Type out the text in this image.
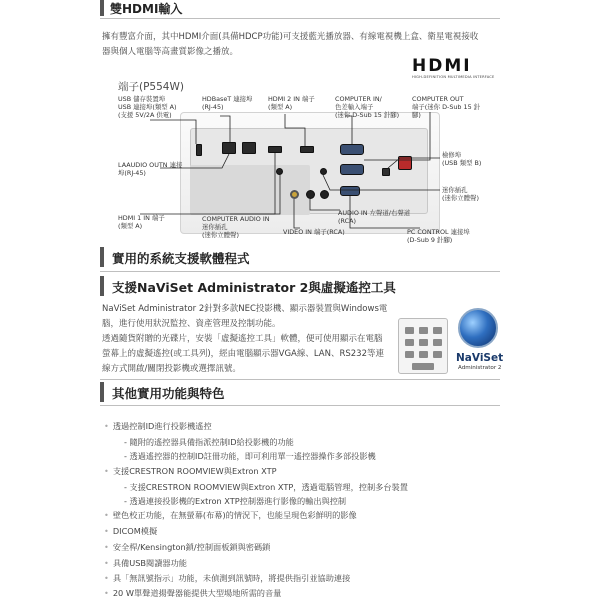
雙HDMI輸入
擁有豐富介面，其中HDMI介面(具備HDCP功能)可支援藍光播放器、有線電視機上盒、衛星電視接收
器與個人電腦等高畫質影像之播放。
HDMI
HIGH-DEFINITION MULTIMEDIA INTERFACE
端子(P554W)
USB 儲存裝置埠
USB 連接埠(類型 A)
(支援 5V/2A 供電)
HDBaseT 連接埠
(RJ-45)
HDMI 2 IN 端子
(類型 A)
COMPUTER IN/
色差輸入端子
(迷你 D-Sub 15 針腳)
COMPUTER OUT
端子(迷你 D-Sub 15 針
腳)
檢修埠
(USB 類型 B)
LAAUDIO OUTN 連接
埠(RJ-45)
迷你插孔
(迷你立體聲)
HDMI 1 IN 端子
(類型 A)
COMPUTER AUDIO IN
迷你插孔
(迷你立體聲)
AUDIO IN 左聲道/右聲道
(RCA)
VIDEO IN 端子(RCA)	PC CONTROL 連接埠
(D-Sub 9 針腳)
實用的系統支援軟體程式
支援NaViSet Administrator 2與虛擬遙控工具
NaViSet Administrator 2針對多款NEC投影機、顯示器裝置與Windows電
腦，進行使用狀況監控、資產管理及控制功能。
透過隨貨附贈的光碟片，安裝「虛擬遙控工具」軟體，便可使用顯示在電腦
螢幕上的虛擬遙控(或工具列)，經由電腦顯示器VGA線、LAN、RS232等連
線方式開啟/關閉投影機或選擇訊號。
NaViSet
Administrator 2
其他實用功能與特色
• 透過控制ID進行投影機遙控
- 隨附的遙控器具備指派控制ID給投影機的功能
- 透過遙控器的控制ID註冊功能，即可利用單一遙控器操作多部投影機
• 支援CRESTRON ROOMVIEW與Extron XTP
- 支援CRESTRON ROOMVIEW與Extron XTP，透過電腦管理，控制多台裝置
- 透過連接投影機的Extron XTP控制器進行影像的輸出與控制
• 壁色校正功能，在無螢幕(布幕)的情況下，也能呈現色彩鮮明的影像
• DICOM模擬
• 安全桿/Kensington鎖/控制面板鎖與密碼鎖
• 具備USB閱讀器功能
• 具「無訊號指示」功能，未偵測到訊號時，將提供指引並協助連接
• 20 W單聲道揚聲器能提供大型場地所需的音量
